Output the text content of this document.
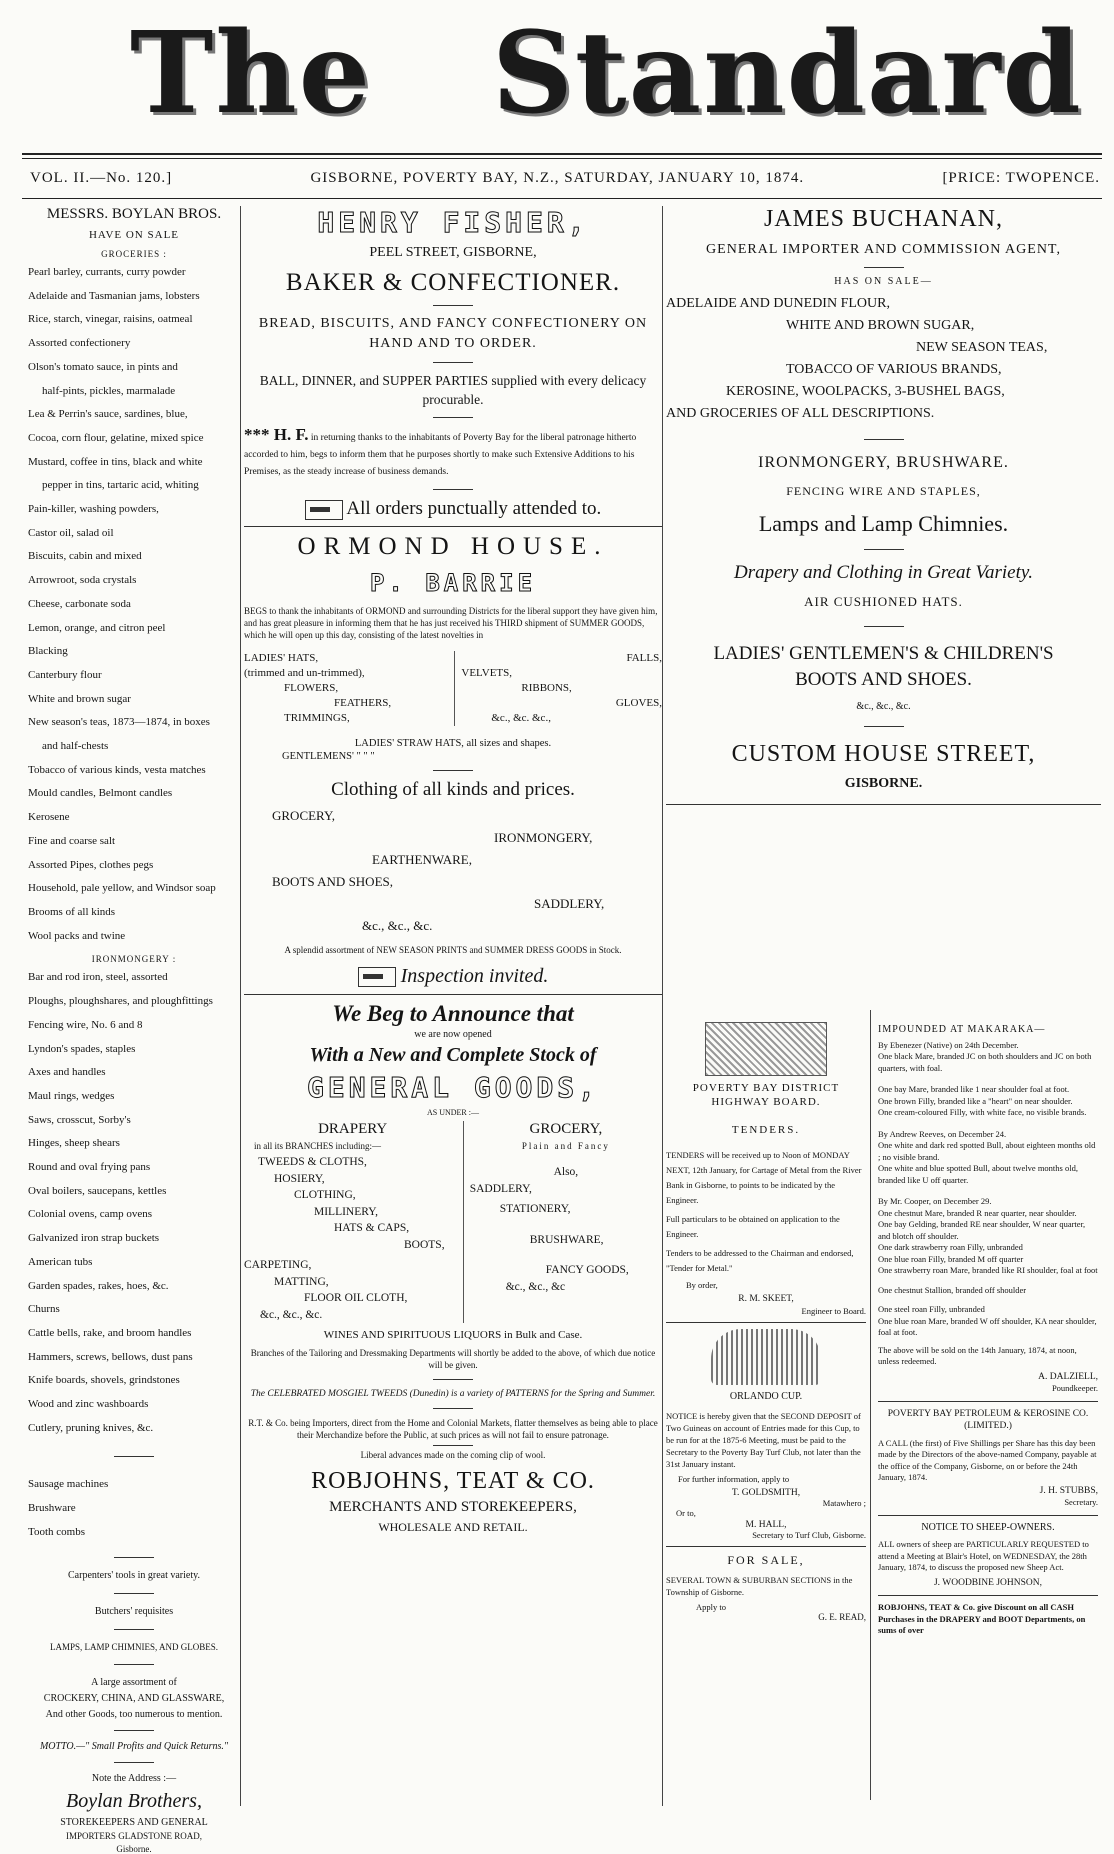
The Standard
VOL. II.—No. 120.]	GISBORNE, POVERTY BAY, N.Z., SATURDAY, JANUARY 10, 1874.	[PRICE: TWOPENCE.
MESSRS. BOYLAN BROS.
HAVE ON SALE
GROCERIES :
Pearl barley, currants, curry powder
Adelaide and Tasmanian jams, lobsters
Rice, starch, vinegar, raisins, oatmeal
Assorted confectionery
Olson's tomato sauce, in pints and
half-pints, pickles, marmalade
Lea & Perrin's sauce, sardines, blue,
Cocoa, corn flour, gelatine, mixed spice
Mustard, coffee in tins, black and white
pepper in tins, tartaric acid, whiting
Pain-killer, washing powders,
Castor oil, salad oil
Biscuits, cabin and mixed
Arrowroot, soda crystals
Cheese, carbonate soda
Lemon, orange, and citron peel
Blacking
Canterbury flour
White and brown sugar
New season's teas, 1873—1874, in boxes
and half-chests
Tobacco of various kinds, vesta matches
Mould candles, Belmont candles
Kerosene
Fine and coarse salt
Assorted Pipes, clothes pegs
Household, pale yellow, and Windsor soap
Brooms of all kinds
Wool packs and twine
IRONMONGERY :
Bar and rod iron, steel, assorted
Ploughs, ploughshares, and ploughfittings
Fencing wire, No. 6 and 8
Lyndon's spades, staples
Axes and handles
Maul rings, wedges
Saws, crosscut, Sorby's
Hinges, sheep shears
Round and oval frying pans
Oval boilers, saucepans, kettles
Colonial ovens, camp ovens
Galvanized iron strap buckets
American tubs
Garden spades, rakes, hoes, &c.
Churns
Cattle bells, rake, and broom handles
Hammers, screws, bellows, dust pans
Knife boards, shovels, grindstones
Wood and zinc washboards
Cutlery, pruning knives, &c.
Sausage machines
Brushware
Tooth combs
Carpenters' tools in great variety.
Butchers' requisites
LAMPS, LAMP CHIMNIES, AND GLOBES.
A large assortment of
CROCKERY, CHINA, AND GLASSWARE,
And other Goods, too numerous to mention.
MOTTO.—" Small Profits and Quick Returns."
Note the Address :—
Boylan Brothers,
STOREKEEPERS AND GENERAL
IMPORTERS GLADSTONE ROAD,
Gisborne.
HENRY FISHER,
PEEL STREET, GISBORNE,
BAKER & CONFECTIONER.
BREAD, BISCUITS, AND FANCY CONFECTIONERY ON HAND AND TO ORDER.
BALL, DINNER, and SUPPER PARTIES supplied with every delicacy procurable.
*** H. F. in returning thanks to the inhabitants of Poverty Bay for the liberal patronage hitherto accorded to him, begs to inform them that he purposes shortly to make such Extensive Additions to his Premises, as the steady increase of business demands.
All orders punctually attended to.
ORMOND HOUSE.
P. BARRIE
BEGS to thank the inhabitants of ORMOND and surrounding Districts for the liberal support they have given him, and has great pleasure in informing them that he has just received his THIRD shipment of SUMMER GOODS, which he will open up this day, consisting of the latest novelties in
LADIES' HATS,
(trimmed and un-trimmed),
FLOWERS,
FEATHERS,
TRIMMINGS,
FALLS,
VELVETS,
RIBBONS,
GLOVES,
&c., &c. &c.,
LADIES' STRAW HATS, all sizes and shapes.
GENTLEMENS' " " "
Clothing of all kinds and prices.
GROCERY,
IRONMONGERY,
EARTHENWARE,
BOOTS AND SHOES,
SADDLERY,
&c., &c., &c.
A splendid assortment of NEW SEASON PRINTS and SUMMER DRESS GOODS in Stock.
Inspection invited.
We Beg to Announce that
we are now opened
With a New and Complete Stock of
GENERAL GOODS,
AS UNDER :—
DRAPERY
in all its BRANCHES including:—
TWEEDS & CLOTHS,
HOSIERY,
CLOTHING,
MILLINERY,
HATS & CAPS,
BOOTS,
CARPETING,
MATTING,
FLOOR OIL CLOTH,
&c., &c., &c.
GROCERY,
Plain and Fancy
Also,
SADDLERY,
STATIONERY,
BRUSHWARE,
FANCY GOODS,
&c., &c., &c
WINES AND SPIRITUOUS LIQUORS in Bulk and Case.
Branches of the Tailoring and Dressmaking Departments will shortly be added to the above, of which due notice will be given.
The CELEBRATED MOSGIEL TWEEDS (Dunedin) is a variety of PATTERNS for the Spring and Summer.
R.T. & Co. being Importers, direct from the Home and Colonial Markets, flatter themselves as being able to place their Merchandize before the Public, at such prices as will not fail to ensure patronage.
Liberal advances made on the coming clip of wool.
ROBJOHNS, TEAT & CO.
MERCHANTS AND STOREKEEPERS,
WHOLESALE AND RETAIL.
JAMES BUCHANAN,
GENERAL IMPORTER AND COMMISSION AGENT,
HAS ON SALE—
ADELAIDE AND DUNEDIN FLOUR,
WHITE AND BROWN SUGAR,
NEW SEASON TEAS,
TOBACCO OF VARIOUS BRANDS,
KEROSINE, WOOLPACKS, 3-BUSHEL BAGS,
AND GROCERIES OF ALL DESCRIPTIONS.
IRONMONGERY, BRUSHWARE.
FENCING WIRE AND STAPLES,
Lamps and Lamp Chimnies.
Drapery and Clothing in Great Variety.
AIR CUSHIONED HATS.
LADIES' GENTLEMEN'S & CHILDREN'S
BOOTS AND SHOES.
&c., &c., &c.
CUSTOM HOUSE STREET,
GISBORNE.
POVERTY BAY DISTRICT
HIGHWAY BOARD.
TENDERS.
TENDERS will be received up to Noon of MONDAY NEXT, 12th January, for Cartage of Metal from the River Bank in Gisborne, to points to be indicated by the Engineer.
Full particulars to be obtained on application to the Engineer.
Tenders to be addressed to the Chairman and endorsed, "Tender for Metal."
By order,
R. M. SKEET,
Engineer to Board.
ORLANDO CUP.
NOTICE is hereby given that the SECOND DEPOSIT of Two Guineas on account of Entries made for this Cup, to be run for at the 1875-6 Meeting, must be paid to the Secretary to the Poverty Bay Turf Club, not later than the 31st January instant.
For further information, apply to
T. GOLDSMITH,
Matawhero ;
Or to,
M. HALL,
Secretary to Turf Club, Gisborne.
FOR SALE,
SEVERAL TOWN & SUBURBAN SECTIONS in the Township of Gisborne.
Apply to
G. E. READ,
IMPOUNDED AT MAKARAKA—
By Ebenezer (Native) on 24th December.
One black Mare, branded JC on both shoulders and JC on both quarters, with foal.
One bay Mare, branded like 1 near shoulder foal at foot.
One brown Filly, branded like a "heart" on near shoulder.
One cream-coloured Filly, with white face, no visible brands.
By Andrew Reeves, on December 24.
One white and dark red spotted Bull, about eighteen months old ; no visible brand.
One white and blue spotted Bull, about twelve months old, branded like U off quarter.
By Mr. Cooper, on December 29.
One chestnut Mare, branded R near quarter, near shoulder.
One bay Gelding, branded RE near shoulder, W near quarter, and blotch off shoulder.
One dark strawberry roan Filly, unbranded
One blue roan Filly, branded M off quarter
One strawberry roan Mare, branded like RI shoulder, foal at foot
One chestnut Stallion, branded off shoulder
One steel roan Filly, unbranded
One blue roan Mare, branded W off shoulder, KA near shoulder, foal at foot.
The above will be sold on the 14th January, 1874, at noon, unless redeemed.
A. DALZIELL,
Poundkeeper.
POVERTY BAY PETROLEUM & KEROSINE CO. (LIMITED.)
A CALL (the first) of Five Shillings per Share has this day been made by the Directors of the above-named Company, payable at the office of the Company, Gisborne, on or before the 24th January, 1874.
J. H. STUBBS,
Secretary.
NOTICE TO SHEEP-OWNERS.
ALL owners of sheep are PARTICULARLY REQUESTED to attend a Meeting at Blair's Hotel, on WEDNESDAY, the 28th January, 1874, to discuss the proposed new Sheep Act.
J. WOODBINE JOHNSON,
ROBJOHNS, TEAT & Co. give Discount on all CASH Purchases in the DRAPERY and BOOT Departments, on sums of over
